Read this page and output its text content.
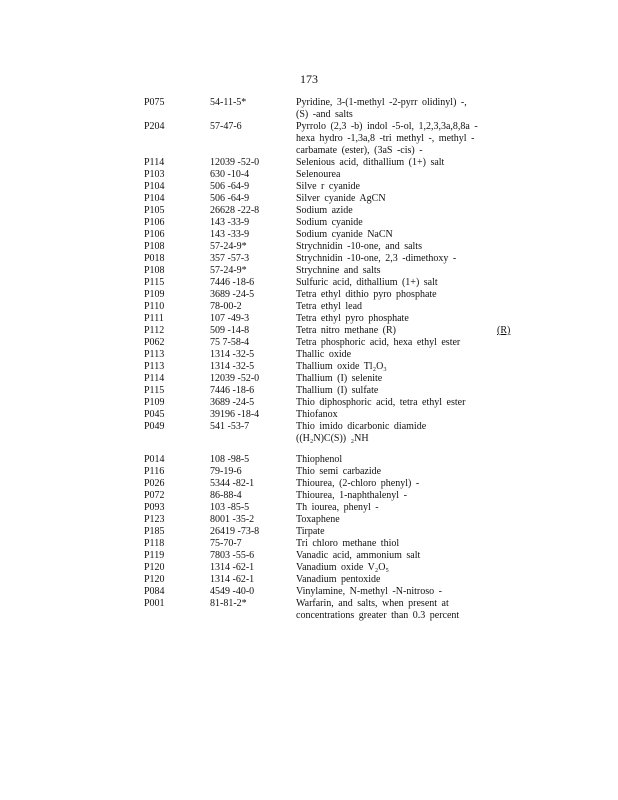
173
P075	54-11-5*	Pyridine, 3-(1-methyl -2-pyrr olidinyl) -,
(S) -and salts
P204	57-47-6	Pyrrolo (2,3 -b) indol -5-ol, 1,2,3,3a,8,8a -
hexa hydro -1,3a,8 -tri methyl -, methyl -
carbamate (ester), (3aS -cis) -
P114	12039 -52-0	Selenious acid, dithallium (1+) salt
P103	630 -10-4	Selenourea
P104	506 -64-9	Silve r cyanide
P104	506 -64-9	Silver cyanide AgCN
P105	26628 -22-8	Sodium azide
P106	143 -33-9	Sodium cyanide
P106	143 -33-9	Sodium cyanide NaCN
P108	57-24-9*	Strychnidin -10-one, and salts
P018	357 -57-3	Strychnidin -10-one, 2,3 -dimethoxy -
P108	57-24-9*	Strychnine and salts
P115	7446 -18-6	Sulfuric acid, dithallium (1+) salt
P109	3689 -24-5	Tetra ethyl dithio pyro phosphate
P110	78-00-2	Tetra ethyl lead
P111	107 -49-3	Tetra ethyl pyro phosphate
P112	509 -14-8	Tetra nitro methane (R)	(R)
P062	75 7-58-4	Tetra phosphoric acid, hexa ethyl ester
P113	1314 -32-5	Thallic oxide
P113	1314 -32-5	Thallium oxide Tl₂O₃
P114	12039 -52-0	Thallium (I) selenite
P115	7446 -18-6	Thallium (I) sulfate
P109	3689 -24-5	Thio diphosphoric acid, tetra ethyl ester
P045	39196 -18-4	Thiofanox
P049	541 -53-7	Thio imido dicarbonic diamide
((H₂N)C(S)) ₂NH
P014	108 -98-5	Thiophenol
P116	79-19-6	Thio semi carbazide
P026	5344 -82-1	Thiourea, (2-chloro phenyl) -
P072	86-88-4	Thiourea, 1-naphthalenyl -
P093	103 -85-5	Th iourea, phenyl -
P123	8001 -35-2	Toxaphene
P185	26419 -73-8	Tirpate
P118	75-70-7	Tri chloro methane thiol
P119	7803 -55-6	Vanadic acid, ammonium salt
P120	1314 -62-1	Vanadium oxide V₂O₅
P120	1314 -62-1	Vanadium pentoxide
P084	4549 -40-0	Vinylamine, N-methyl -N-nitroso -
P001	81-81-2*	Warfarin, and salts, when present at
concentrations greater than 0.3 percent
